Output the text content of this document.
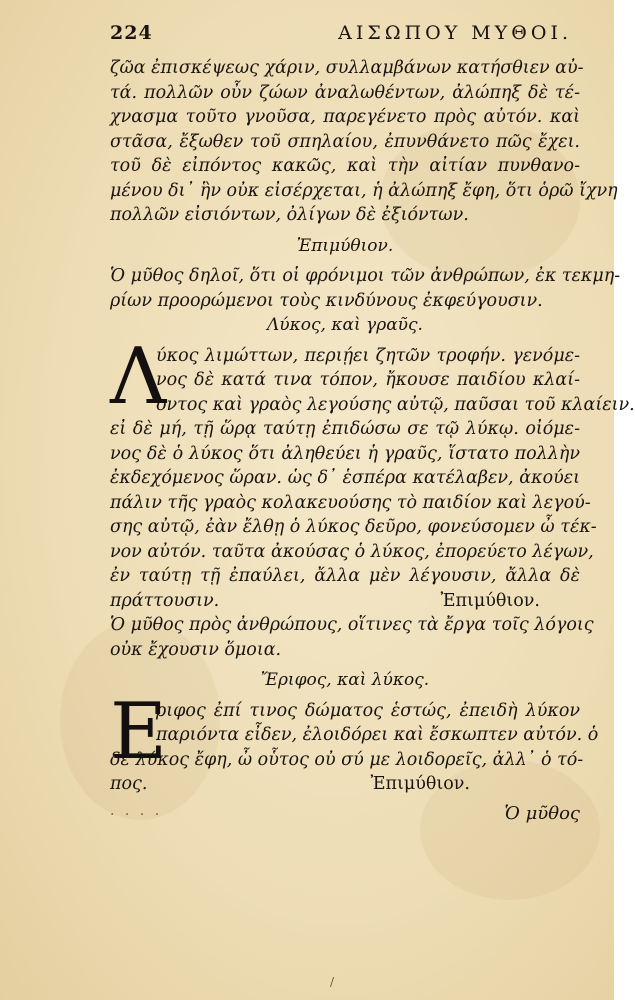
224	ΑΙΣΩΠΟΥ ΜΥΘΟΙ.
ζῶα ἐπισκέψεως χάριν, συλλαμβάνων κατήσθιεν αὐ-
τά. πολλῶν οὖν ζώων ἀναλωθέντων, ἀλώπηξ δὲ τέ-
χνασμα τοῦτο γνοῦσα, παρεγένετο πρὸς αὐτόν. καὶ
στᾶσα, ἔξωθεν τοῦ σπηλαίου, ἐπυνθάνετο πῶς ἔχει.
τοῦ δὲ εἰπόντος κακῶς, καὶ τὴν αἰτίαν πυνθανο-
μένου δι᾽ ἣν οὐκ εἰσέρχεται, ἡ ἀλώπηξ ἔφη, ὅτι ὁρῶ ἴχνη
πολλῶν εἰσιόντων, ὀλίγων δὲ ἐξιόντων.
Ἐπιμύθιον.
Ὁ μῦθος δηλοῖ, ὅτι οἱ φρόνιμοι τῶν ἀνθρώπων, ἐκ τεκμη-
ρίων προορώμενοι τοὺς κινδύνους ἐκφεύγουσιν.
Λύκος, καὶ γραῦς.
Λ
ύκος λιμώττων, περιῄει ζητῶν τροφήν. γενόμε-
νος δὲ κατά τινα τόπον, ἤκουσε παιδίου κλαί-
οντος καὶ γραὸς λεγούσης αὐτῷ, παῦσαι τοῦ κλαίειν.
εἰ δὲ μή, τῇ ὥρᾳ ταύτῃ ἐπιδώσω σε τῷ λύκῳ. οἰόμε-
νος δὲ ὁ λύκος ὅτι ἀληθεύει ἡ γραῦς, ἵστατο πολλὴν
ἐκδεχόμενος ὥραν. ὡς δ᾽ ἑσπέρα κατέλαβεν, ἀκούει
πάλιν τῆς γραὸς κολακευούσης τὸ παιδίον καὶ λεγού-
σης αὐτῷ, ἐὰν ἔλθῃ ὁ λύκος δεῦρο, φονεύσομεν ὦ τέκ-
νον αὐτόν. ταῦτα ἀκούσας ὁ λύκος, ἐπορεύετο λέγων,
ἐν ταύτῃ τῇ ἐπαύλει, ἄλλα μὲν λέγουσιν, ἄλλα δὲ
πράττουσιν.	Ἐπιμύθιον.
Ὁ μῦθος πρὸς ἀνθρώπους, οἵτινες τὰ ἔργα τοῖς λόγοις
οὐκ ἔχουσιν ὅμοια.
Ἔριφος, καὶ λύκος.
Ε
ριφος ἐπί τινος δώματος ἑστώς, ἐπειδὴ λύκον
παριόντα εἶδεν, ἐλοιδόρει καὶ ἔσκωπτεν αὐτόν. ὁ
δὲ λύκος ἔφη, ὦ οὗτος οὐ σύ με λοιδορεῖς, ἀλλ᾽ ὁ τό-
πος.	Ἐπιμύθιον.
· · · ·	Ὁ μῦθος
/
